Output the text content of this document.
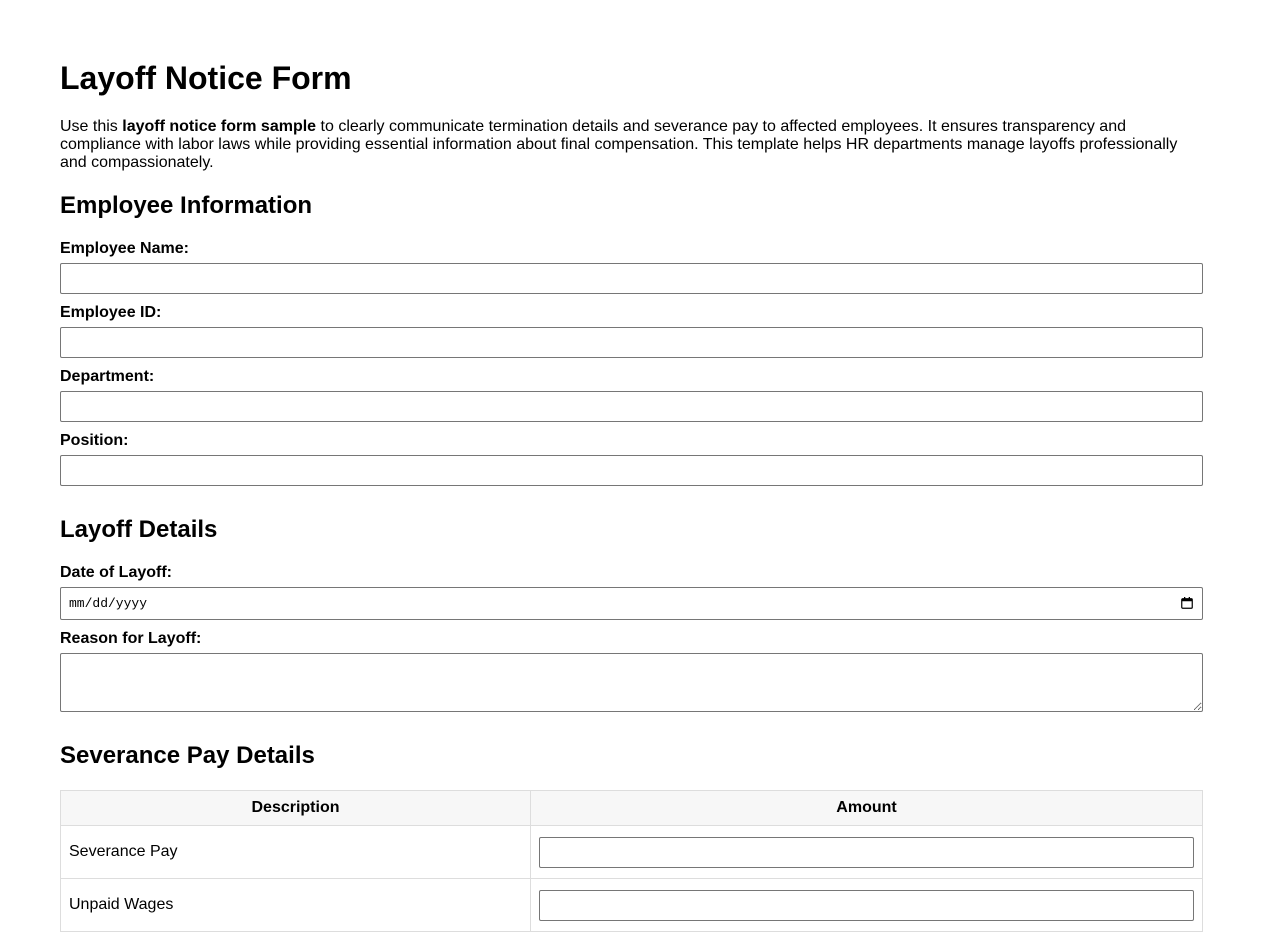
Layoff Notice Form

Use this layoff notice form sample to clearly communicate termination details and severance pay to affected employees. It ensures transparency and compliance with labor laws while providing essential information about final compensation. This template helps HR departments manage layoffs professionally and compassionately.

Employee Information
Employee Name:
Employee ID:
Department:
Position:
Layoff Details
Date of Layoff:
mm/dd/yyyy
Reason for Layoff:
Severance Pay Details
Description	Amount
Severance Pay	

Unpaid Wages	
